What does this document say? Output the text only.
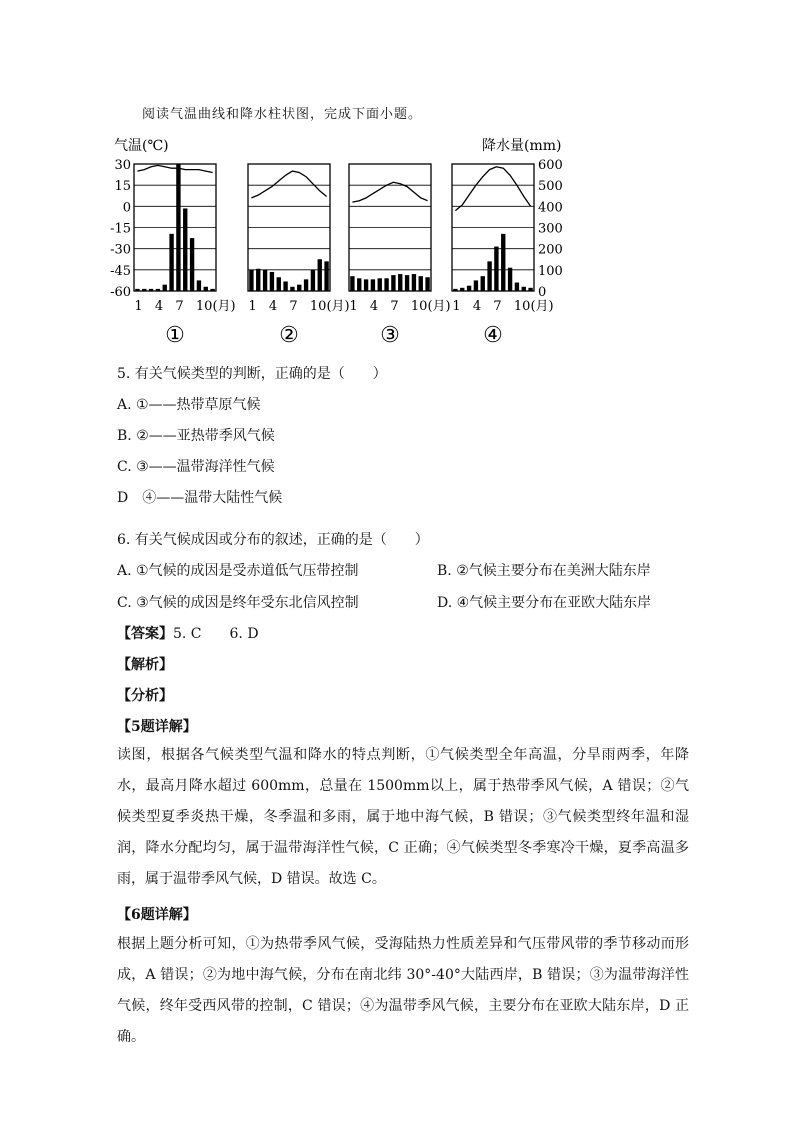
阅读气温曲线和降水柱状图，完成下面小题。
气温(℃)	降水量(mm)
30
15
0
-15
-30
-45
-60
600
500
400
300
200
100
0
1 4 7 10(月)
①
1 4 7 10(月)
②
1 4 7 10(月)
③
1 4 7 10(月)
④
5. 有关气候类型的判断，正确的是（　　）
A. ①——热带草原气候
B. ②——亚热带季风气候
C. ③——温带海洋性气候
D　④——温带大陆性气候
6. 有关气候成因或分布的叙述，正确的是（　　）
A. ①气候的成因是受赤道低气压带控制	B. ②气候主要分布在美洲大陆东岸
C. ③气候的成因是终年受东北信风控制	D. ④气候主要分布在亚欧大陆东岸
【答案】5. C　　6. D
【解析】
【分析】
【5题详解】

读图，根据各气候类型气温和降水的特点判断，①气候类型全年高温，分旱雨两季，年降水，最高月降水超过 600mm，总量在 1500mm以上，属于热带季风气候，A 错误；②气候类型夏季炎热干燥，冬季温和多雨，属于地中海气候，B 错误；③气候类型终年温和湿润，降水分配均匀，属于温带海洋性气候，C 正确；④气候类型冬季寒冷干燥，夏季高温多雨，属于温带季风气候，D 错误。故选 C。

【6题详解】

根据上题分析可知，①为热带季风气候，受海陆热力性质差异和气压带风带的季节移动而形成，A 错误；②为地中海气候，分布在南北纬 30°-40°大陆西岸，B 错误；③为温带海洋性气候，终年受西风带的控制，C 错误；④为温带季风气候，主要分布在亚欧大陆东岸，D 正确。
